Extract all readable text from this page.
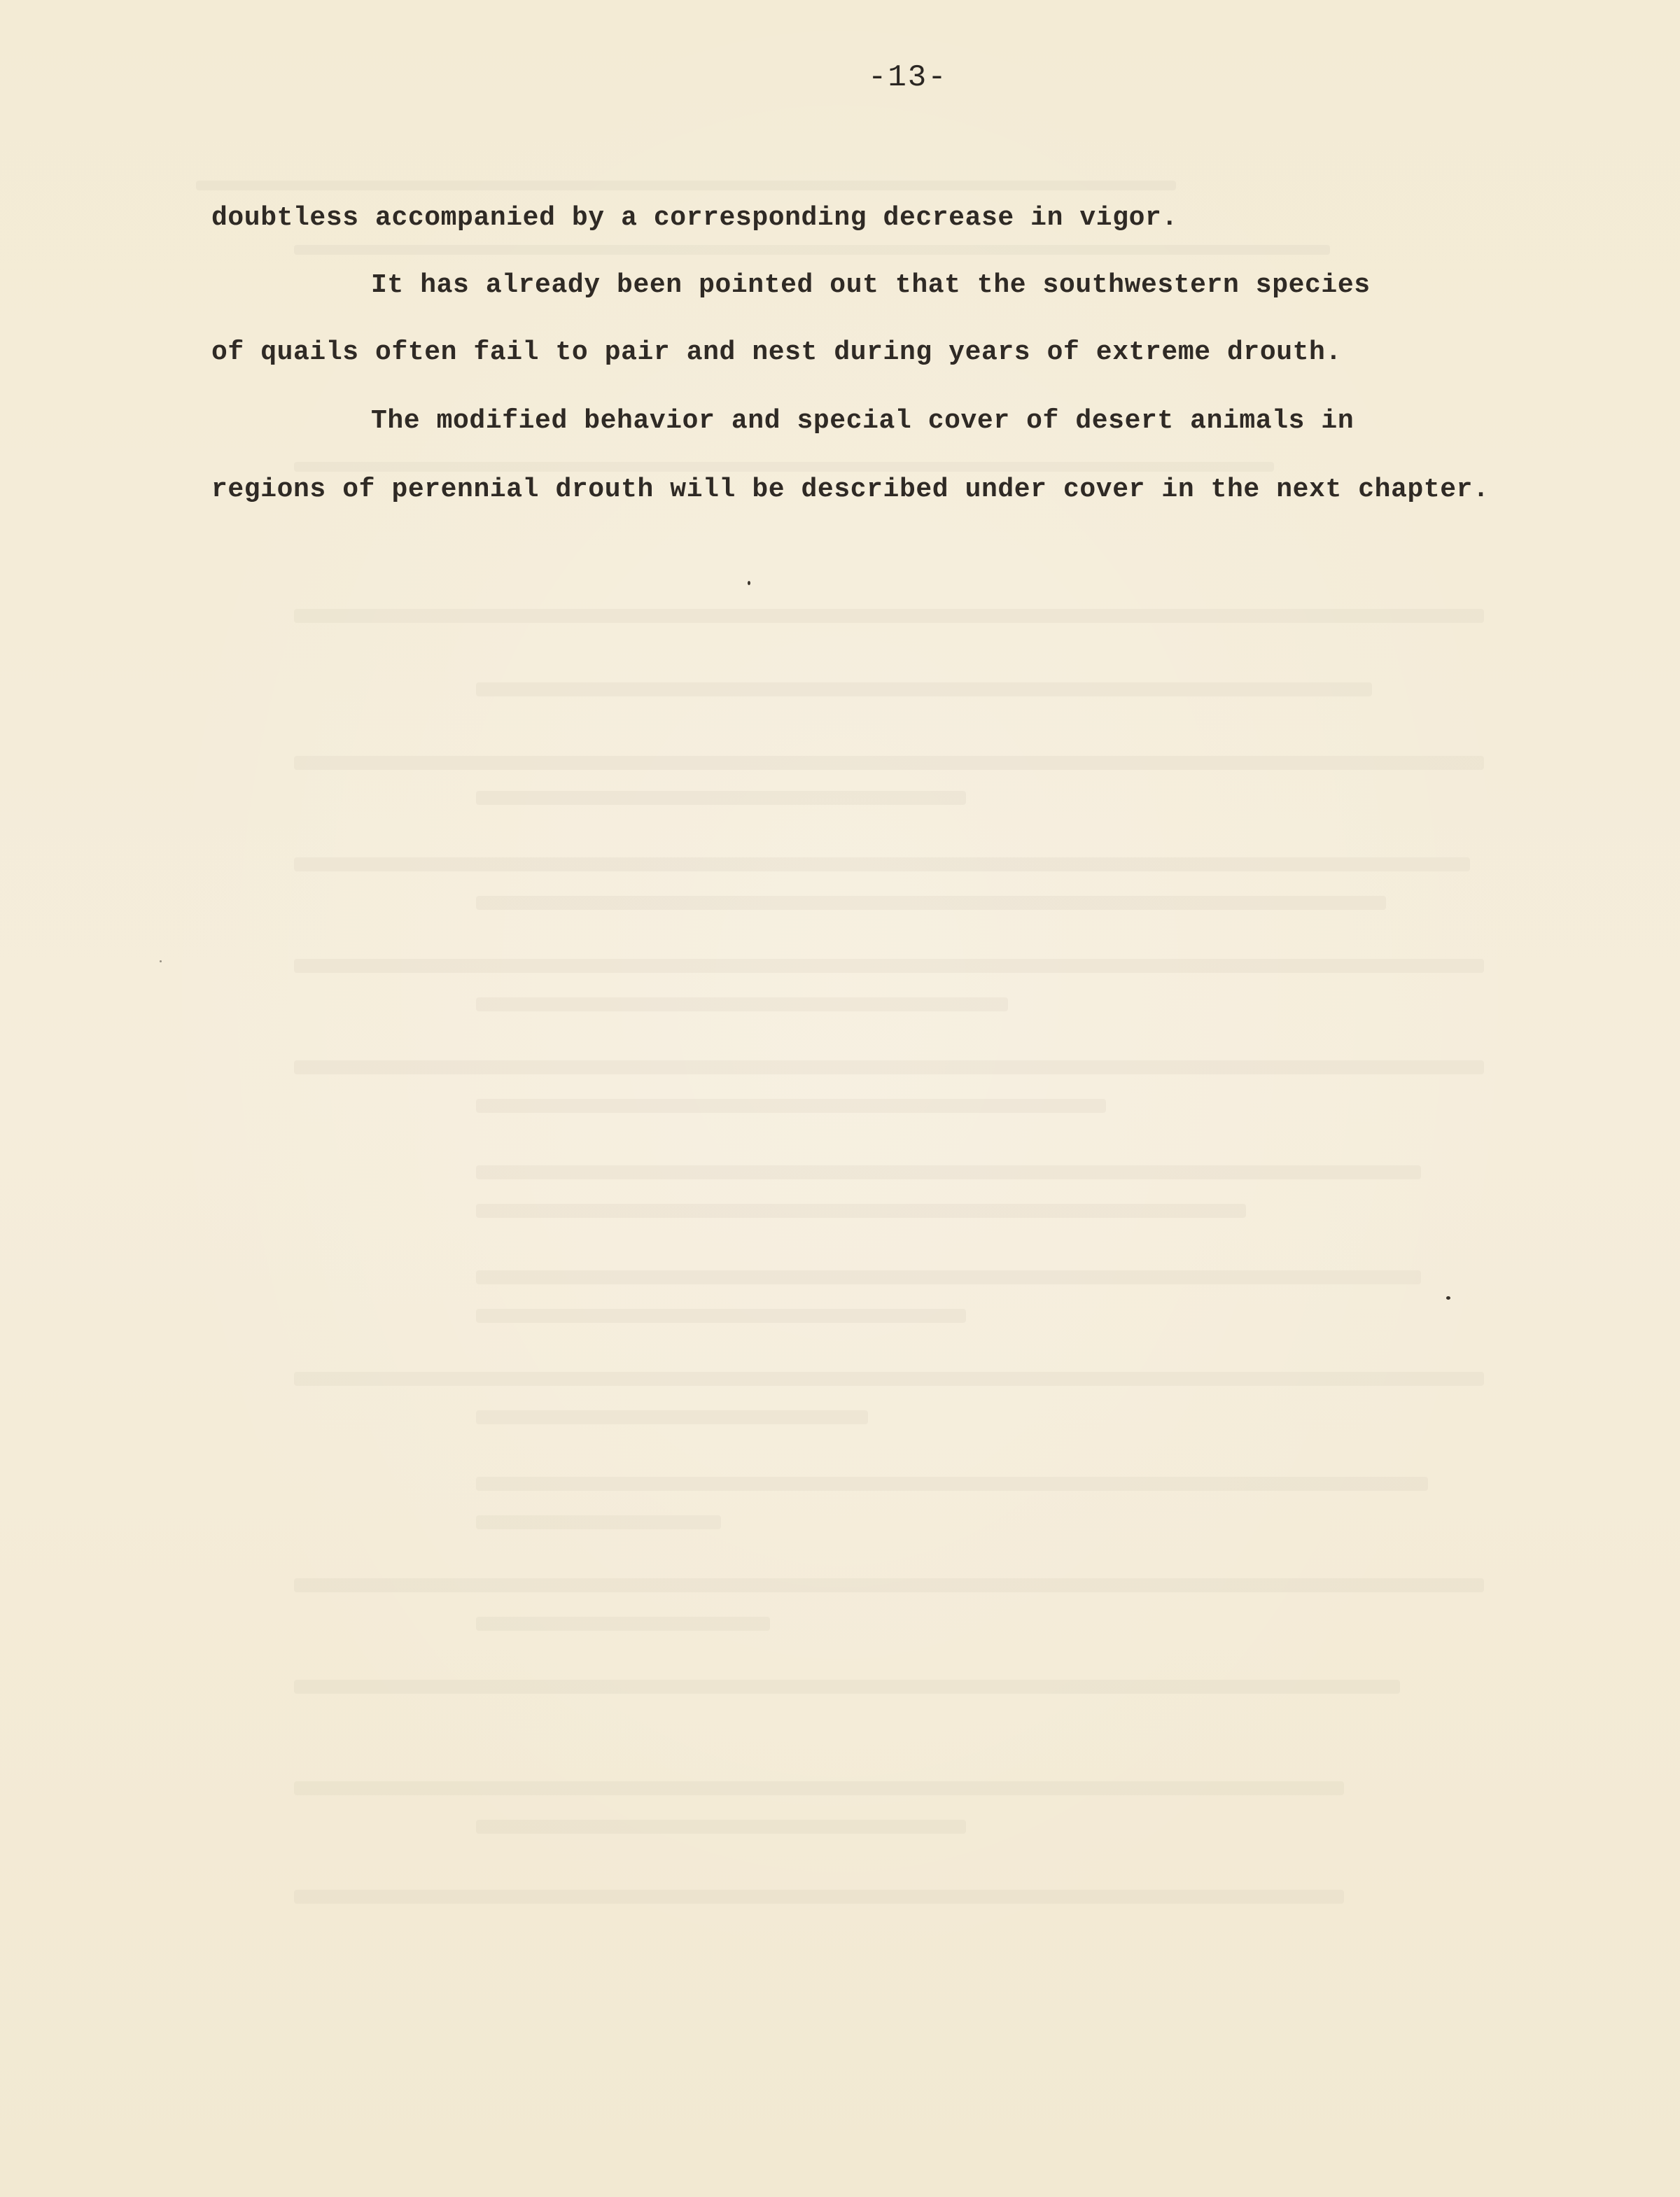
-13-
doubtless accompanied by a corresponding decrease in vigor.
It has already been pointed out that the southwestern species
of quails often fail to pair and nest during years of extreme drouth.
The modified behavior and special cover of desert animals in
regions of perennial drouth will be described under cover in the next chapter.
